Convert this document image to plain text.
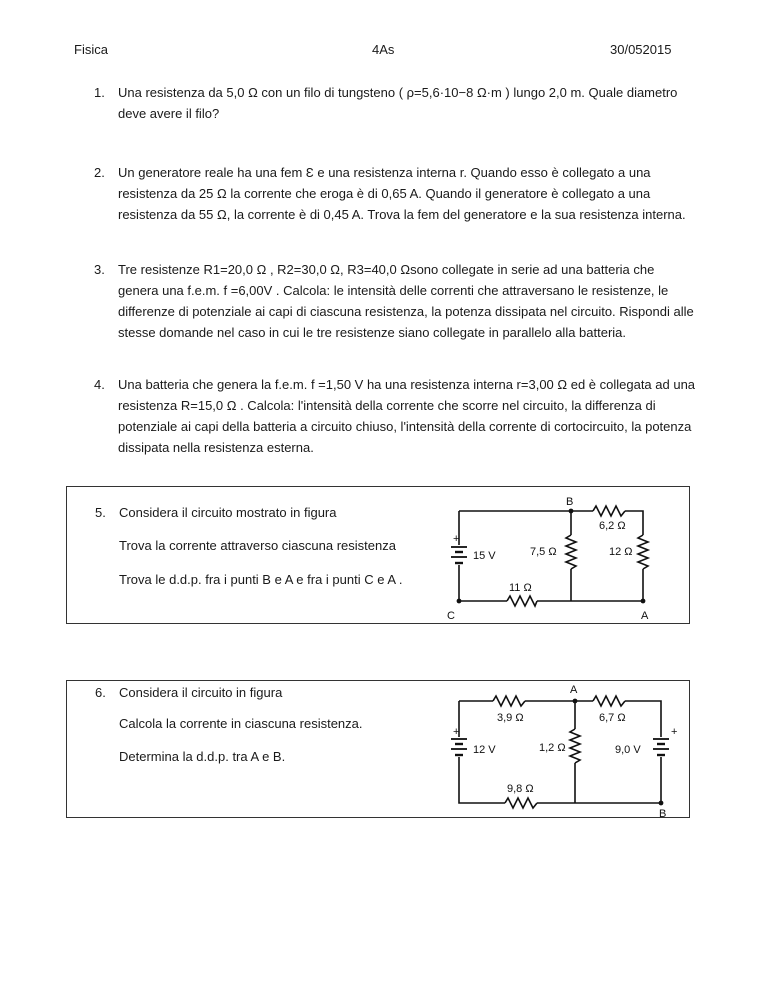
Fisica	4As	30/052015
1. Una resistenza da 5,0 Ω con un filo di tungsteno ( ρ=5,6·10−8 Ω·m ) lungo 2,0 m. Quale diametro deve avere il filo?
2. Un generatore reale ha una fem Ɛ e una resistenza interna r. Quando esso è collegato a una resistenza da 25 Ω la corrente che eroga è di 0,65 A. Quando il generatore è collegato a una resistenza da 55 Ω, la corrente è di 0,45 A. Trova la fem del generatore e la sua resistenza interna.
3. Tre resistenze R1=20,0 Ω , R2=30,0 Ω, R3=40,0 Ωsono collegate in serie ad una batteria che genera una f.e.m. f =6,00V . Calcola: le intensità delle correnti che attraversano le resistenze, le differenze di potenziale ai capi di ciascuna resistenza, la potenza dissipata nel circuito. Rispondi alle stesse domande nel caso in cui le tre resistenze siano collegate in parallelo alla batteria.
4. Una batteria che genera la f.e.m. f =1,50 V ha una resistenza interna r=3,00 Ω ed è collegata ad una resistenza R=15,0 Ω . Calcola: l'intensità della corrente che scorre nel circuito, la differenza di potenziale ai capi della batteria a circuito chiuso, l'intensità della corrente di cortocircuito, la potenza dissipata nella resistenza esterna.
5. Considera il circuito mostrato in figura
Trova la corrente attraverso ciascuna resistenza
Trova le d.d.p. fra i punti B e A e fra i punti C e A .
B
C	A
6,2 Ω
+
15 V	7,5 Ω	12 Ω
11 Ω
6. Considera il circuito in figura
Calcola la corrente in ciascuna resistenza.
Determina la d.d.p. tra A e B.
A
B
3,9 Ω	6,7 Ω
+
12 V	1,2 Ω
+
9,0 V
9,8 Ω
